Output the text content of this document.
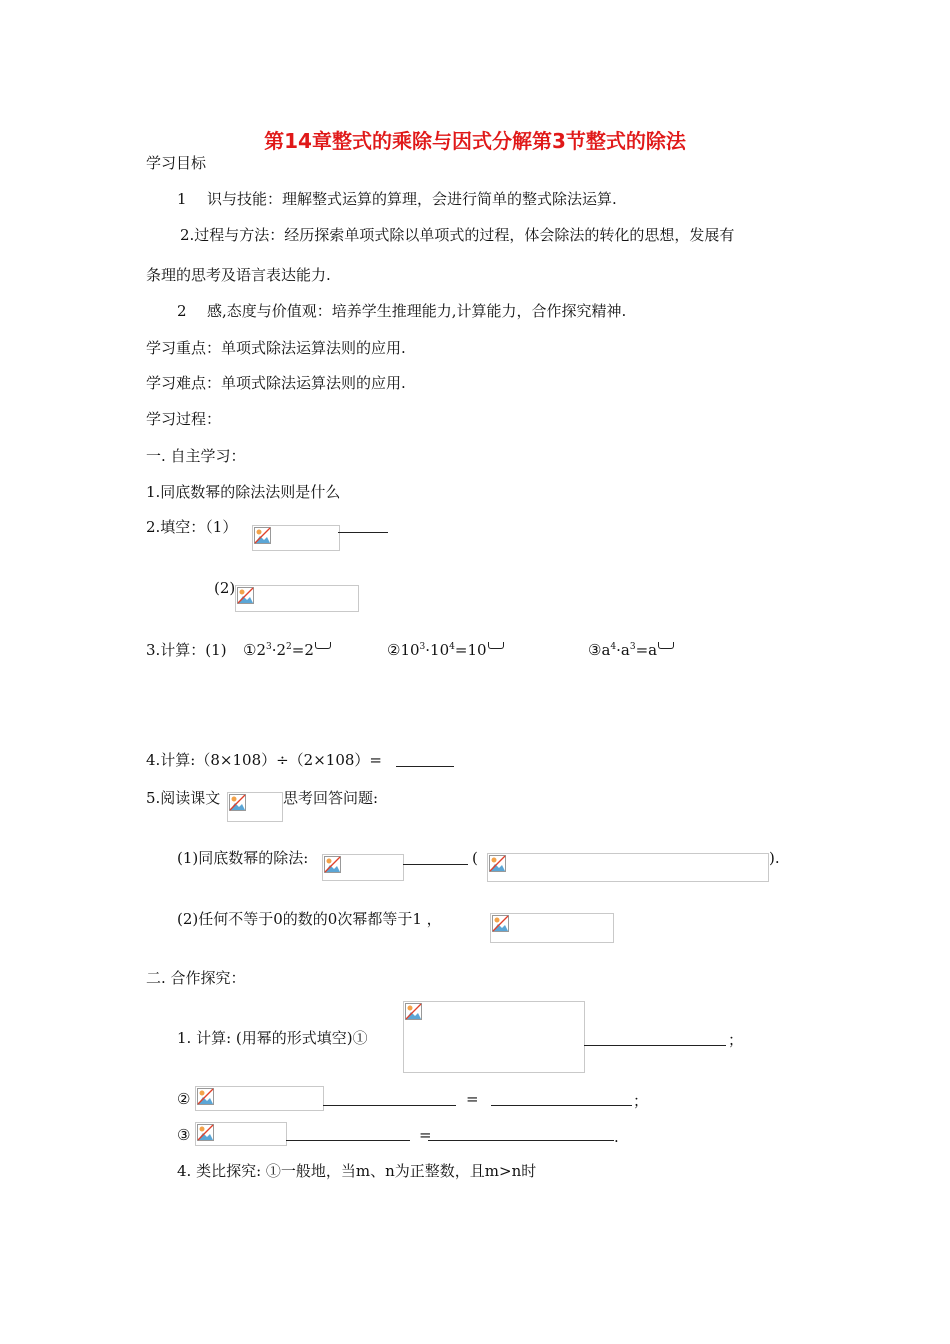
第14章整式的乘除与因式分解第3节整式的除法
学习目标
1 识与技能：理解整式运算的算理，会进行简单的整式除法运算.
2.过程与方法：经历探索单项式除以单项式的过程，体会除法的转化的思想，发展有
条理的思考及语言表达能力.
2 感,态度与价值观：培养学生推理能力,计算能力，合作探究精神.
学习重点：单项式除法运算法则的应用.
学习难点：单项式除法运算法则的应用.
学习过程：
一. 自主学习：
1.同底数幂的除法法则是什么
2.填空：（1）
(2)
3.计算：(1) $①2^3\cdot 2^2=2$	$②10^3\cdot 10^4=10$	$③a^4\cdot a^3=a$
4.计算:（8×108）÷（2×108）=
5.阅读课文	思考回答问题:
(1)同底数幂的除法:	(	).
(2)任何不等于0的数的0次幂都等于1 ，
二. 合作探究：
1. 计算: (用幂的形式填空)①	；
②	=	；
③	=	.
4. 类比探究: ①一般地，当m、n为正整数，且m>n时
